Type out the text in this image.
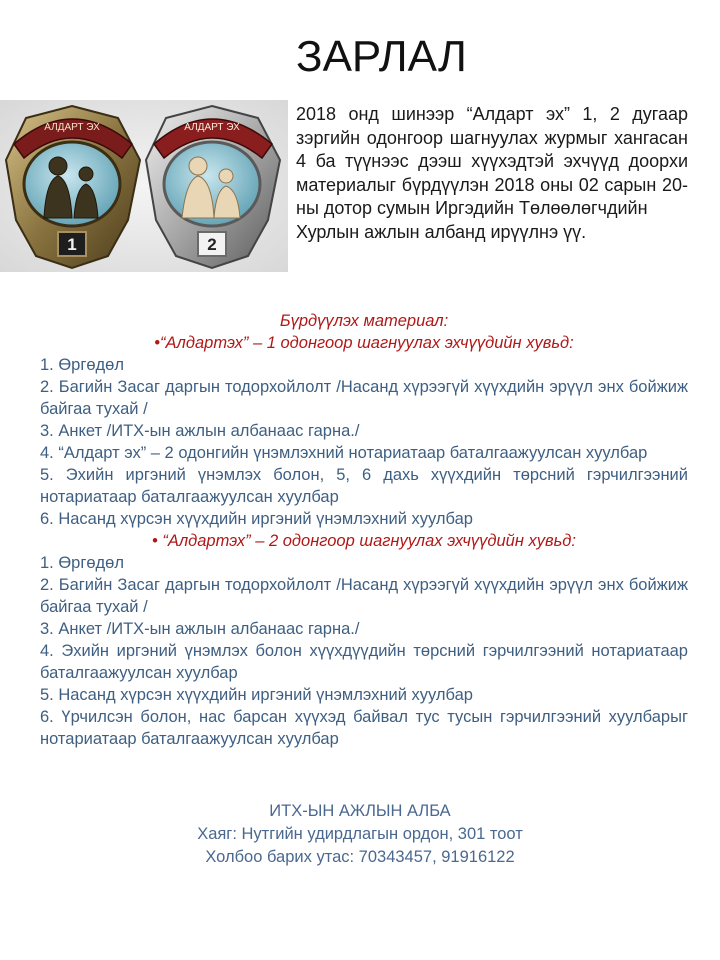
ЗАРЛАЛ
АЛДАРТ ЭХ
1
АЛДАРТ ЭХ
2
2018 онд шинээр “Алдарт эх” 1, 2 дугаар зэргийн одонгоор шагнуулах журмыг хангасан 4 ба түүнээс дээш хүүхэдтэй эхчүүд доорхи материалыг бүрдүүлэн 2018 оны 02 сарын 20-ны дотор сумын Иргэдийн Төлөөлөгчдийн
Хурлын ажлын албанд ирүүлнэ үү.
Бүрдүүлэх материал:
•“Алдартэх” – 1 одонгоор шагнуулах эхчүүдийн хувьд:
1. Өргөдөл
2. Багийн Засаг даргын тодорхойлолт /Насанд хүрээгүй хүүхдийн эрүүл энх бойжиж байгаа тухай /
3. Анкет /ИТХ-ын ажлын албанаас гарна./
4. “Алдарт эх” – 2 одонгийн үнэмлэхний нотариатаар баталгаажуулсан хуулбар
5. Эхийн иргэний үнэмлэх болон, 5, 6 дахь хүүхдийн төрсний гэрчилгээний нотариатаар баталгаажуулсан хуулбар
6. Насанд хүрсэн хүүхдийн иргэний үнэмлэхний хуулбар
• “Алдартэх” – 2 одонгоор шагнуулах эхчүүдийн хувьд:
1. Өргөдөл
2. Багийн Засаг даргын тодорхойлолт /Насанд хүрээгүй хүүхдийн эрүүл энх бойжиж байгаа тухай /
3. Анкет /ИТХ-ын ажлын албанаас гарна./
4. Эхийн иргэний үнэмлэх болон хүүхдүүдийн төрсний гэрчилгээний нотариатаар баталгаажуулсан хуулбар
5. Насанд хүрсэн хүүхдийн иргэний үнэмлэхний хуулбар
6. Үрчилсэн болон, нас барсан хүүхэд байвал тус тусын гэрчилгээний хуулбарыг нотариатаар баталгаажуулсан хуулбар
ИТХ-ЫН АЖЛЫН АЛБА
Хаяг: Нутгийн удирдлагын ордон, 301 тоот
Холбоо барих утас: 70343457, 91916122
